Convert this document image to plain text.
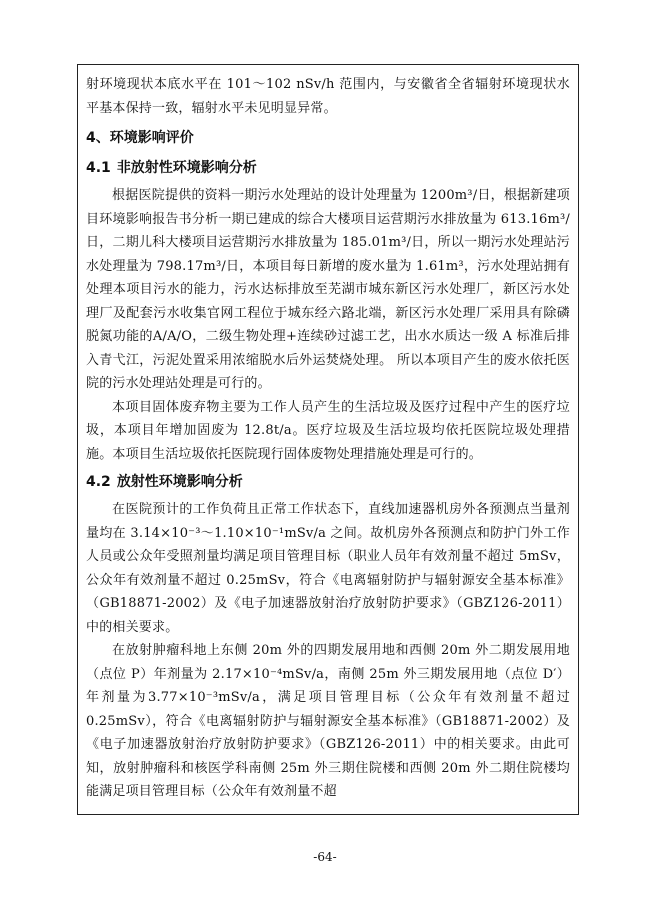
射环境现状本底水平在 101～102 nSv/h 范围内，与安徽省全省辐射环境现状水平基本保持一致，辐射水平未见明显异常。

4、环境影响评价
4.1 非放射性环境影响分析

根据医院提供的资料一期污水处理站的设计处理量为 1200m³/日，根据新建项目环境影响报告书分析一期已建成的综合大楼项目运营期污水排放量为 613.16m³/日，二期儿科大楼项目运营期污水排放量为 185.01m³/日，所以一期污水处理站污水处理量为 798.17m³/日，本项目每日新增的废水量为 1.61m³，污水处理站拥有处理本项目污水的能力，污水达标排放至芜湖市城东新区污水处理厂，新区污水处理厂及配套污水收集官网工程位于城东经六路北端，新区污水处理厂采用具有除磷脱氮功能的A/A/O，二级生物处理+连续砂过滤工艺，出水水质达一级 A 标准后排入青弋江，污泥处置采用浓缩脱水后外运焚烧处理。 所以本项目产生的废水依托医院的污水处理站处理是可行的。

本项目固体废弃物主要为工作人员产生的生活垃圾及医疗过程中产生的医疗垃圾，本项目年增加固废为 12.8t/a。医疗垃圾及生活垃圾均依托医院垃圾处理措施。本项目生活垃圾依托医院现行固体废物处理措施处理是可行的。

4.2 放射性环境影响分析

在医院预计的工作负荷且正常工作状态下，直线加速器机房外各预测点当量剂量均在 3.14×10⁻³～1.10×10⁻¹mSv/a 之间。故机房外各预测点和防护门外工作人员或公众年受照剂量均满足项目管理目标（职业人员年有效剂量不超过 5mSv，公众年有效剂量不超过 0.25mSv，符合《电离辐射防护与辐射源安全基本标准》（GB18871-2002）及《电子加速器放射治疗放射防护要求》（GBZ126-2011）中的相关要求。

在放射肿瘤科地上东侧 20m 外的四期发展用地和西侧 20m 外二期发展用地（点位 P）年剂量为 2.17×10⁻⁴mSv/a，南侧 25m 外三期发展用地（点位 D′）年剂量为3.77×10⁻³mSv/a，满足项目管理目标（公众年有效剂量不超过 0.25mSv），符合《电离辐射防护与辐射源安全基本标准》（GB18871-2002）及《电子加速器放射治疗放射防护要求》（GBZ126-2011）中的相关要求。由此可知，放射肿瘤科和核医学科南侧 25m 外三期住院楼和西侧 20m 外二期住院楼均能满足项目管理目标（公众年有效剂量不超

-64-
